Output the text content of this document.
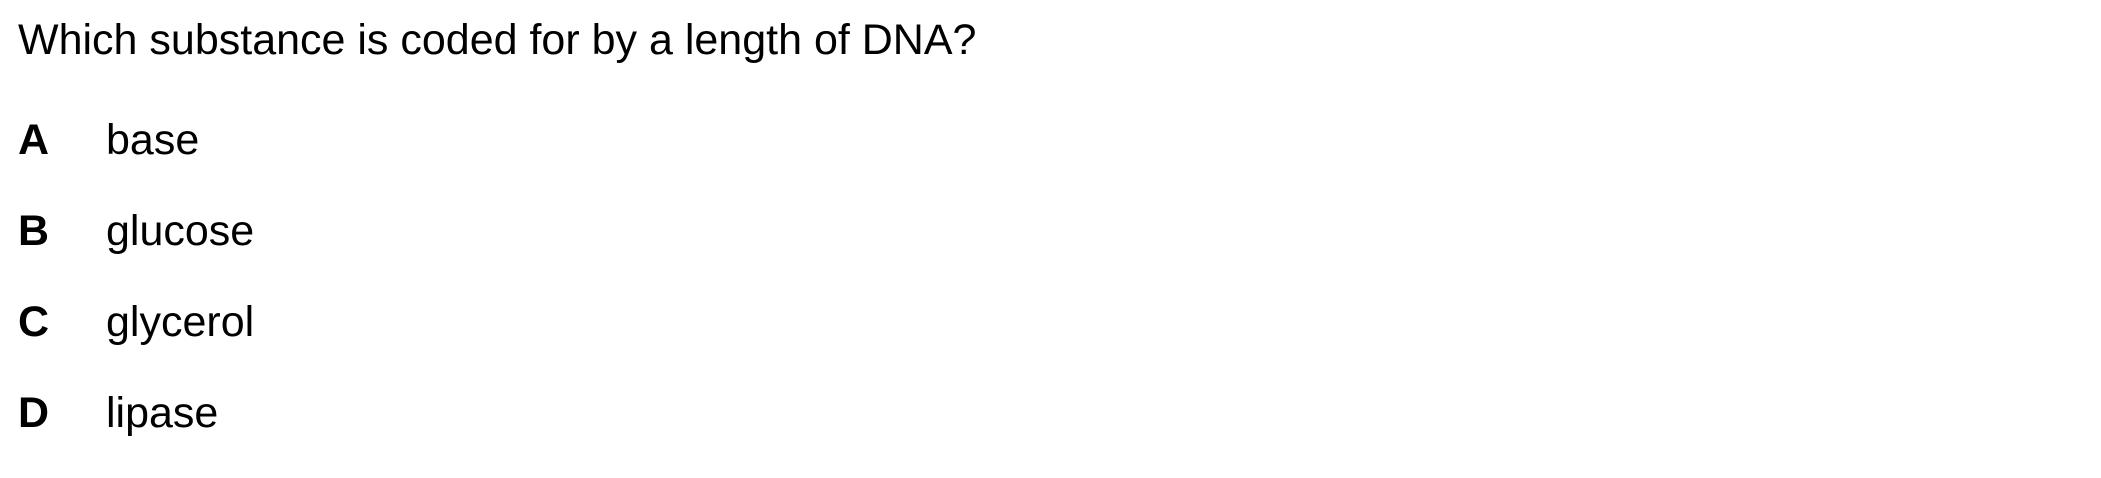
Which substance is coded for by a length of DNA?
A	base
B	glucose
C	glycerol
D	lipase
